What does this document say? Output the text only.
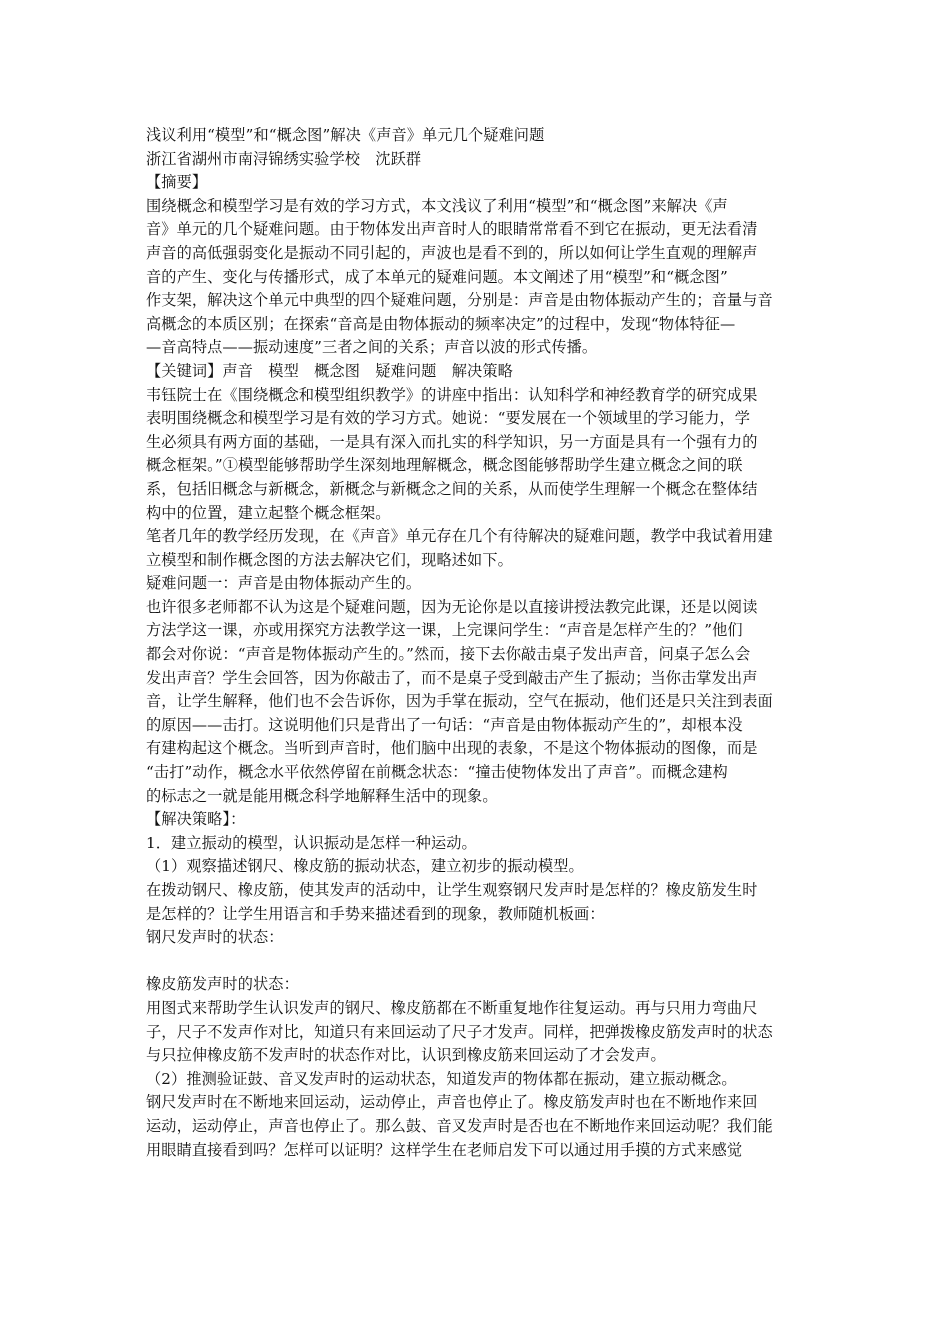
浅议利用“模型”和“概念图”解决《声音》单元几个疑难问题
浙江省湖州市南浔锦绣实验学校　沈跃群
【摘要】
围绕概念和模型学习是有效的学习方式，本文浅议了利用“模型”和“概念图”来解决《声
音》单元的几个疑难问题。由于物体发出声音时人的眼睛常常看不到它在振动，更无法看清
声音的高低强弱变化是振动不同引起的，声波也是看不到的，所以如何让学生直观的理解声
音的产生、变化与传播形式，成了本单元的疑难问题。本文阐述了用“模型”和“概念图”
作支架，解决这个单元中典型的四个疑难问题，分别是：声音是由物体振动产生的；音量与音
高概念的本质区别；在探索“音高是由物体振动的频率决定”的过程中，发现“物体特征—
—音高特点——振动速度”三者之间的关系；声音以波的形式传播。
【关键词】声音　模型　概念图　疑难问题　解决策略
韦钰院士在《围绕概念和模型组织教学》的讲座中指出：认知科学和神经教育学的研究成果
表明围绕概念和模型学习是有效的学习方式。她说：“要发展在一个领域里的学习能力，学
生必须具有两方面的基础，一是具有深入而扎实的科学知识，另一方面是具有一个强有力的
概念框架。”①模型能够帮助学生深刻地理解概念，概念图能够帮助学生建立概念之间的联
系，包括旧概念与新概念，新概念与新概念之间的关系，从而使学生理解一个概念在整体结
构中的位置，建立起整个概念框架。
笔者几年的教学经历发现，在《声音》单元存在几个有待解决的疑难问题，教学中我试着用建
立模型和制作概念图的方法去解决它们，现略述如下。
疑难问题一：声音是由物体振动产生的。
也许很多老师都不认为这是个疑难问题，因为无论你是以直接讲授法教完此课，还是以阅读
方法学这一课，亦或用探究方法教学这一课，上完课问学生：“声音是怎样产生的？”他们
都会对你说：“声音是物体振动产生的。”然而，接下去你敲击桌子发出声音，问桌子怎么会
发出声音？学生会回答，因为你敲击了，而不是桌子受到敲击产生了振动；当你击掌发出声
音，让学生解释，他们也不会告诉你，因为手掌在振动，空气在振动，他们还是只关注到表面
的原因——击打。这说明他们只是背出了一句话：“声音是由物体振动产生的”，却根本没
有建构起这个概念。当听到声音时，他们脑中出现的表象，不是这个物体振动的图像，而是
“击打”动作，概念水平依然停留在前概念状态：“撞击使物体发出了声音”。而概念建构
的标志之一就是能用概念科学地解释生活中的现象。
【解决策略】：
1．建立振动的模型，认识振动是怎样一种运动。
（1）观察描述钢尺、橡皮筋的振动状态，建立初步的振动模型。
在拨动钢尺、橡皮筋，使其发声的活动中，让学生观察钢尺发声时是怎样的？橡皮筋发生时
是怎样的？让学生用语言和手势来描述看到的现象，教师随机板画：
钢尺发声时的状态：
橡皮筋发声时的状态：
用图式来帮助学生认识发声的钢尺、橡皮筋都在不断重复地作往复运动。再与只用力弯曲尺
子，尺子不发声作对比，知道只有来回运动了尺子才发声。同样，把弹拨橡皮筋发声时的状态
与只拉伸橡皮筋不发声时的状态作对比，认识到橡皮筋来回运动了才会发声。
（2）推测验证鼓、音叉发声时的运动状态，知道发声的物体都在振动，建立振动概念。
钢尺发声时在不断地来回运动，运动停止，声音也停止了。橡皮筋发声时也在不断地作来回
运动，运动停止，声音也停止了。那么鼓、音叉发声时是否也在不断地作来回运动呢？我们能
用眼睛直接看到吗？怎样可以证明？这样学生在老师启发下可以通过用手摸的方式来感觉
